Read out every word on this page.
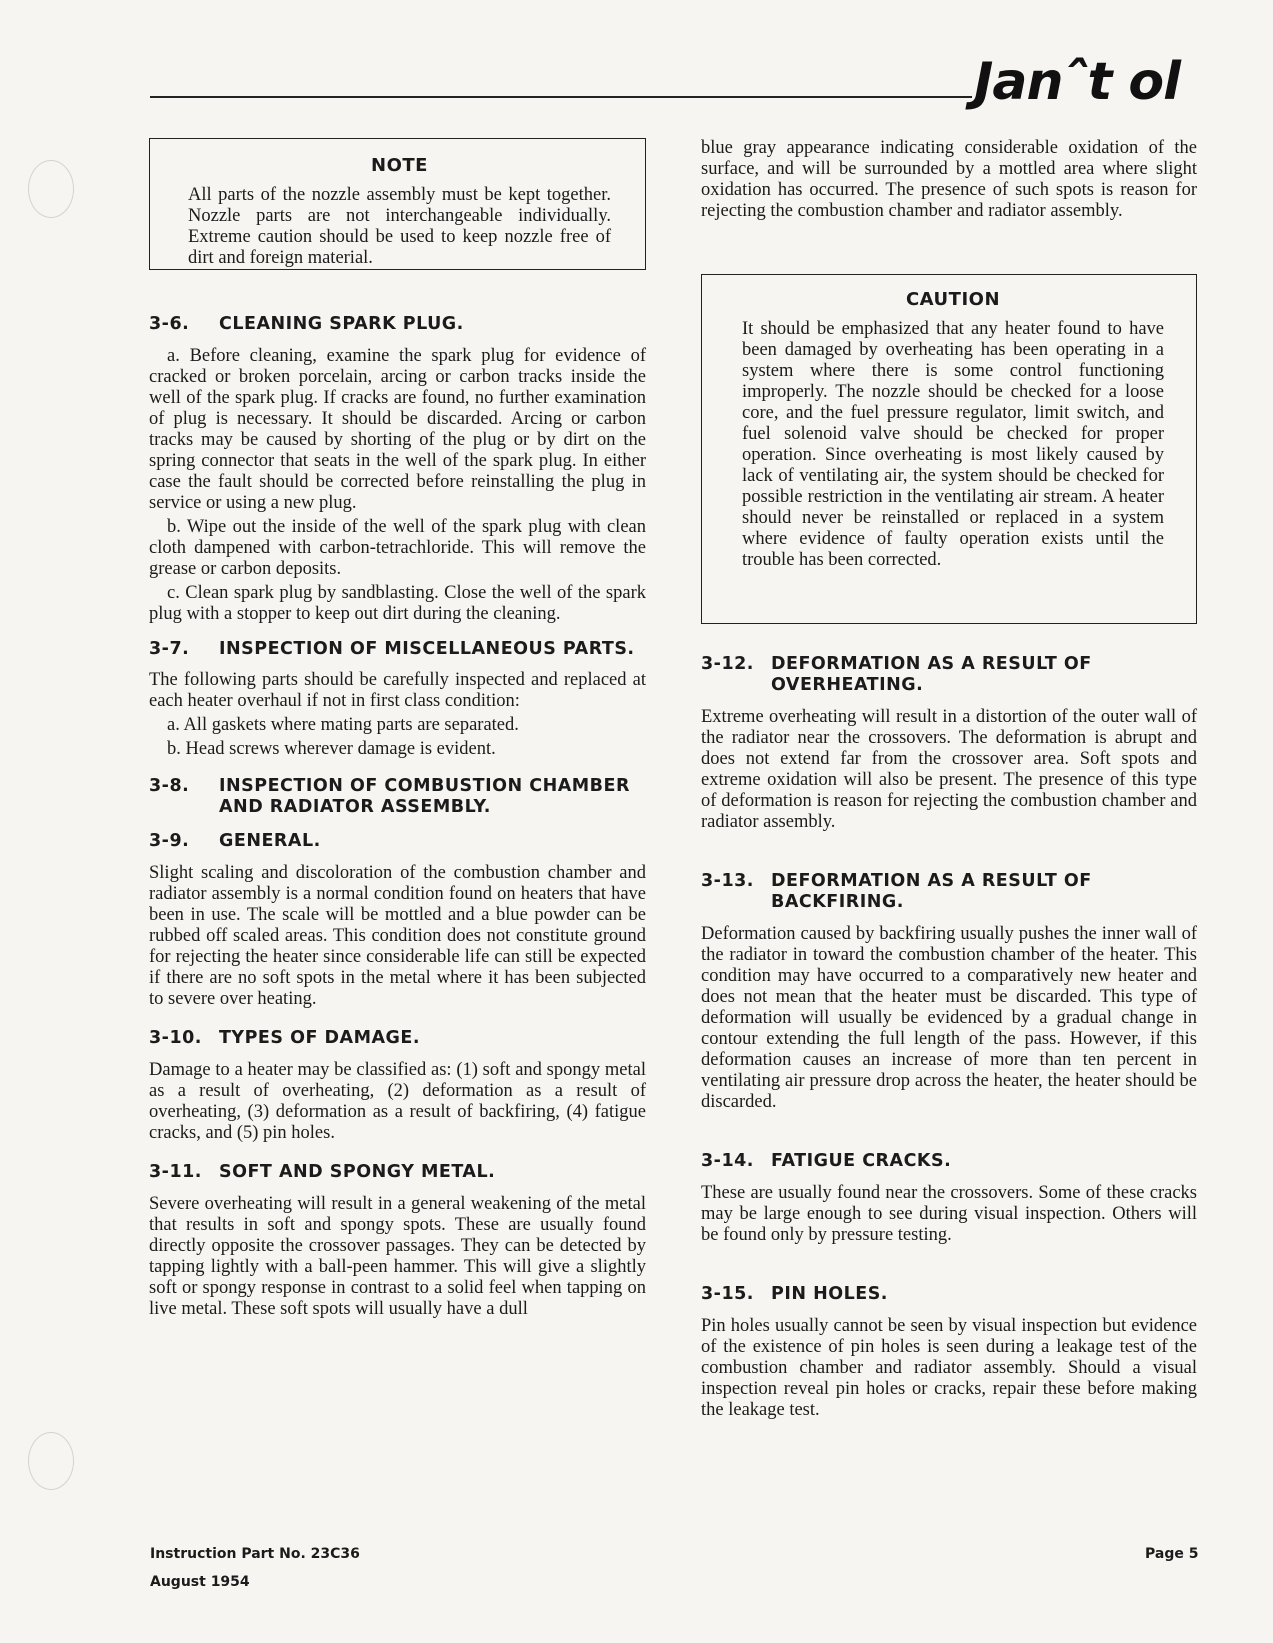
Janˆt ol
NOTE
All parts of the nozzle assembly must be kept together. Nozzle parts are not interchangeable individually. Extreme caution should be used to keep nozzle free of dirt and foreign material.
3-6.	CLEANING SPARK PLUG.

a. Before cleaning, examine the spark plug for evidence of cracked or broken porcelain, arcing or carbon tracks inside the well of the spark plug. If cracks are found, no further examination of plug is necessary. It should be discarded. Arcing or carbon tracks may be caused by shorting of the plug or by dirt on the spring connector that seats in the well of the spark plug. In either case the fault should be corrected before reinstalling the plug in service or using a new plug.

b. Wipe out the inside of the well of the spark plug with clean cloth dampened with carbon-tetrachloride. This will remove the grease or carbon deposits.

c. Clean spark plug by sandblasting. Close the well of the spark plug with a stopper to keep out dirt during the cleaning.

3-7.	INSPECTION OF MISCELLANEOUS PARTS.

The following parts should be carefully inspected and replaced at each heater overhaul if not in first class condition:

a. All gaskets where mating parts are separated.
b. Head screws wherever damage is evident.
3-8.	INSPECTION OF COMBUSTION CHAMBER AND RADIATOR ASSEMBLY.
3-9.	GENERAL.

Slight scaling and discoloration of the combustion chamber and radiator assembly is a normal condition found on heaters that have been in use. The scale will be mottled and a blue powder can be rubbed off scaled areas. This condition does not constitute ground for rejecting the heater since considerable life can still be expected if there are no soft spots in the metal where it has been subjected to severe over heating.

3-10. TYPES OF DAMAGE.

Damage to a heater may be classified as: (1) soft and spongy metal as a result of overheating, (2) deformation as a result of overheating, (3) deformation as a result of backfiring, (4) fatigue cracks, and (5) pin holes.

3-11. SOFT AND SPONGY METAL.

Severe overheating will result in a general weakening of the metal that results in soft and spongy spots. These are usually found directly opposite the crossover passages. They can be detected by tapping lightly with a ball-peen hammer. This will give a slightly soft or spongy response in contrast to a solid feel when tapping on live metal. These soft spots will usually have a dull

blue gray appearance indicating considerable oxidation of the surface, and will be surrounded by a mottled area where slight oxidation has occurred. The presence of such spots is reason for rejecting the combustion chamber and radiator assembly.

CAUTION
It should be emphasized that any heater found to have been damaged by overheating has been operating in a system where there is some control functioning improperly. The nozzle should be checked for a loose core, and the fuel pressure regulator, limit switch, and fuel solenoid valve should be checked for proper operation. Since overheating is most likely caused by lack of ventilating air, the system should be checked for possible restriction in the ventilating air stream. A heater should never be reinstalled or replaced in a system where evidence of faulty operation exists until the trouble has been corrected.
3-12. DEFORMATION AS A RESULT OF OVERHEATING.

Extreme overheating will result in a distortion of the outer wall of the radiator near the crossovers. The deformation is abrupt and does not extend far from the crossover area. Soft spots and extreme oxidation will also be present. The presence of this type of deformation is reason for rejecting the combustion chamber and radiator assembly.

3-13. DEFORMATION AS A RESULT OF BACKFIRING.

Deformation caused by backfiring usually pushes the inner wall of the radiator in toward the combustion chamber of the heater. This condition may have occurred to a comparatively new heater and does not mean that the heater must be discarded. This type of deformation will usually be evidenced by a gradual change in contour extending the full length of the pass. However, if this deformation causes an increase of more than ten percent in ventilating air pressure drop across the heater, the heater should be discarded.

3-14. FATIGUE CRACKS.

These are usually found near the crossovers. Some of these cracks may be large enough to see during visual inspection. Others will be found only by pressure testing.

3-15. PIN HOLES.

Pin holes usually cannot be seen by visual inspection but evidence of the existence of pin holes is seen during a leakage test of the combustion chamber and radiator assembly. Should a visual inspection reveal pin holes or cracks, repair these before making the leakage test.

Instruction Part No. 23C36
August 1954
Page 5
